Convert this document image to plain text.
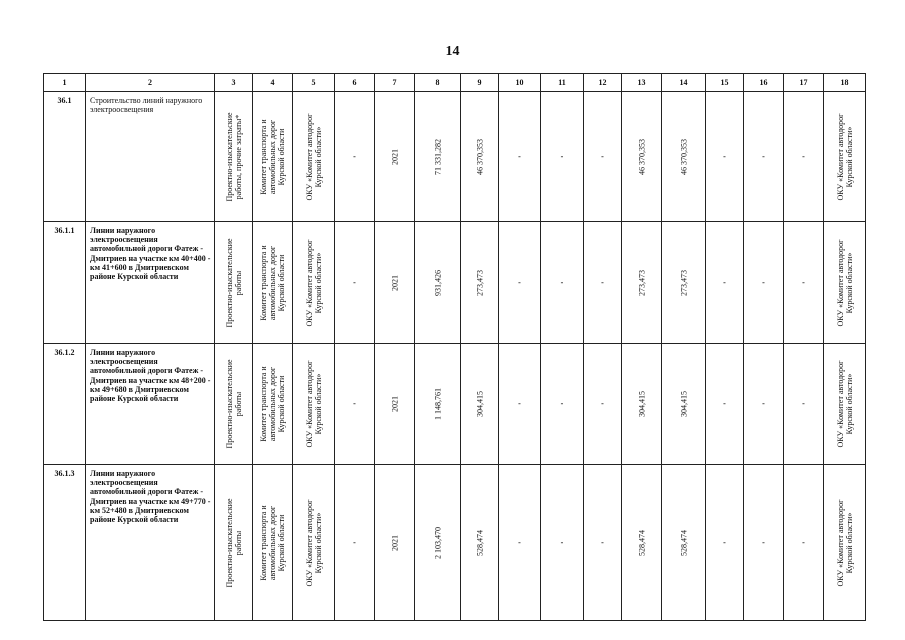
14
1	2	3	4	5	6	7	8	9	10	11	12	13	14	15	16	17	18
36.1	Строительство линий наружного электроосвещения	Проектно-изыскательские работы, прочие затраты*	Комитет транспорта и автомобильных дорог Курской области	ОКУ «Комитет автодорог Курской области»	-	2021	71 331,282	46 370,353	-	-	-	46 370,353	46 370,353	-	-	-	ОКУ «Комитет автодорог Курской области»

36.1.1	Линии наружного электроосвещения автомобильной дороги Фатеж - Дмитриев на участке км 40+400 - км 41+600 в Дмитриевском районе Курской области	Проектно-изыскательские работы	Комитет транспорта и автомобильных дорог Курской области	ОКУ «Комитет автодорог Курской области»	-	2021	931,426	273,473	-	-	-	273,473	273,473	-	-	-	ОКУ «Комитет автодорог Курской области»

36.1.2	Линии наружного электроосвещения автомобильной дороги Фатеж - Дмитриев на участке км 48+200 - км 49+680 в Дмитриевском районе Курской области	Проектно-изыскательские работы	Комитет транспорта и автомобильных дорог Курской области	ОКУ «Комитет автодорог Курской области»	-	2021	1 148,761	304,415	-	-	-	304,415	304,415	-	-	-	ОКУ «Комитет автодорог Курской области»

36.1.3	Линии наружного электроосвещения автомобильной дороги Фатеж - Дмитриев на участке км 49+770 - км 52+480 в Дмитриевском районе Курской области	Проектно-изыскательские работы	Комитет транспорта и автомобильных дорог Курской области	ОКУ «Комитет автодорог Курской области»	-	2021	2 103,470	528,474	-	-	-	528,474	528,474	-	-	-	ОКУ «Комитет автодорог Курской области»
